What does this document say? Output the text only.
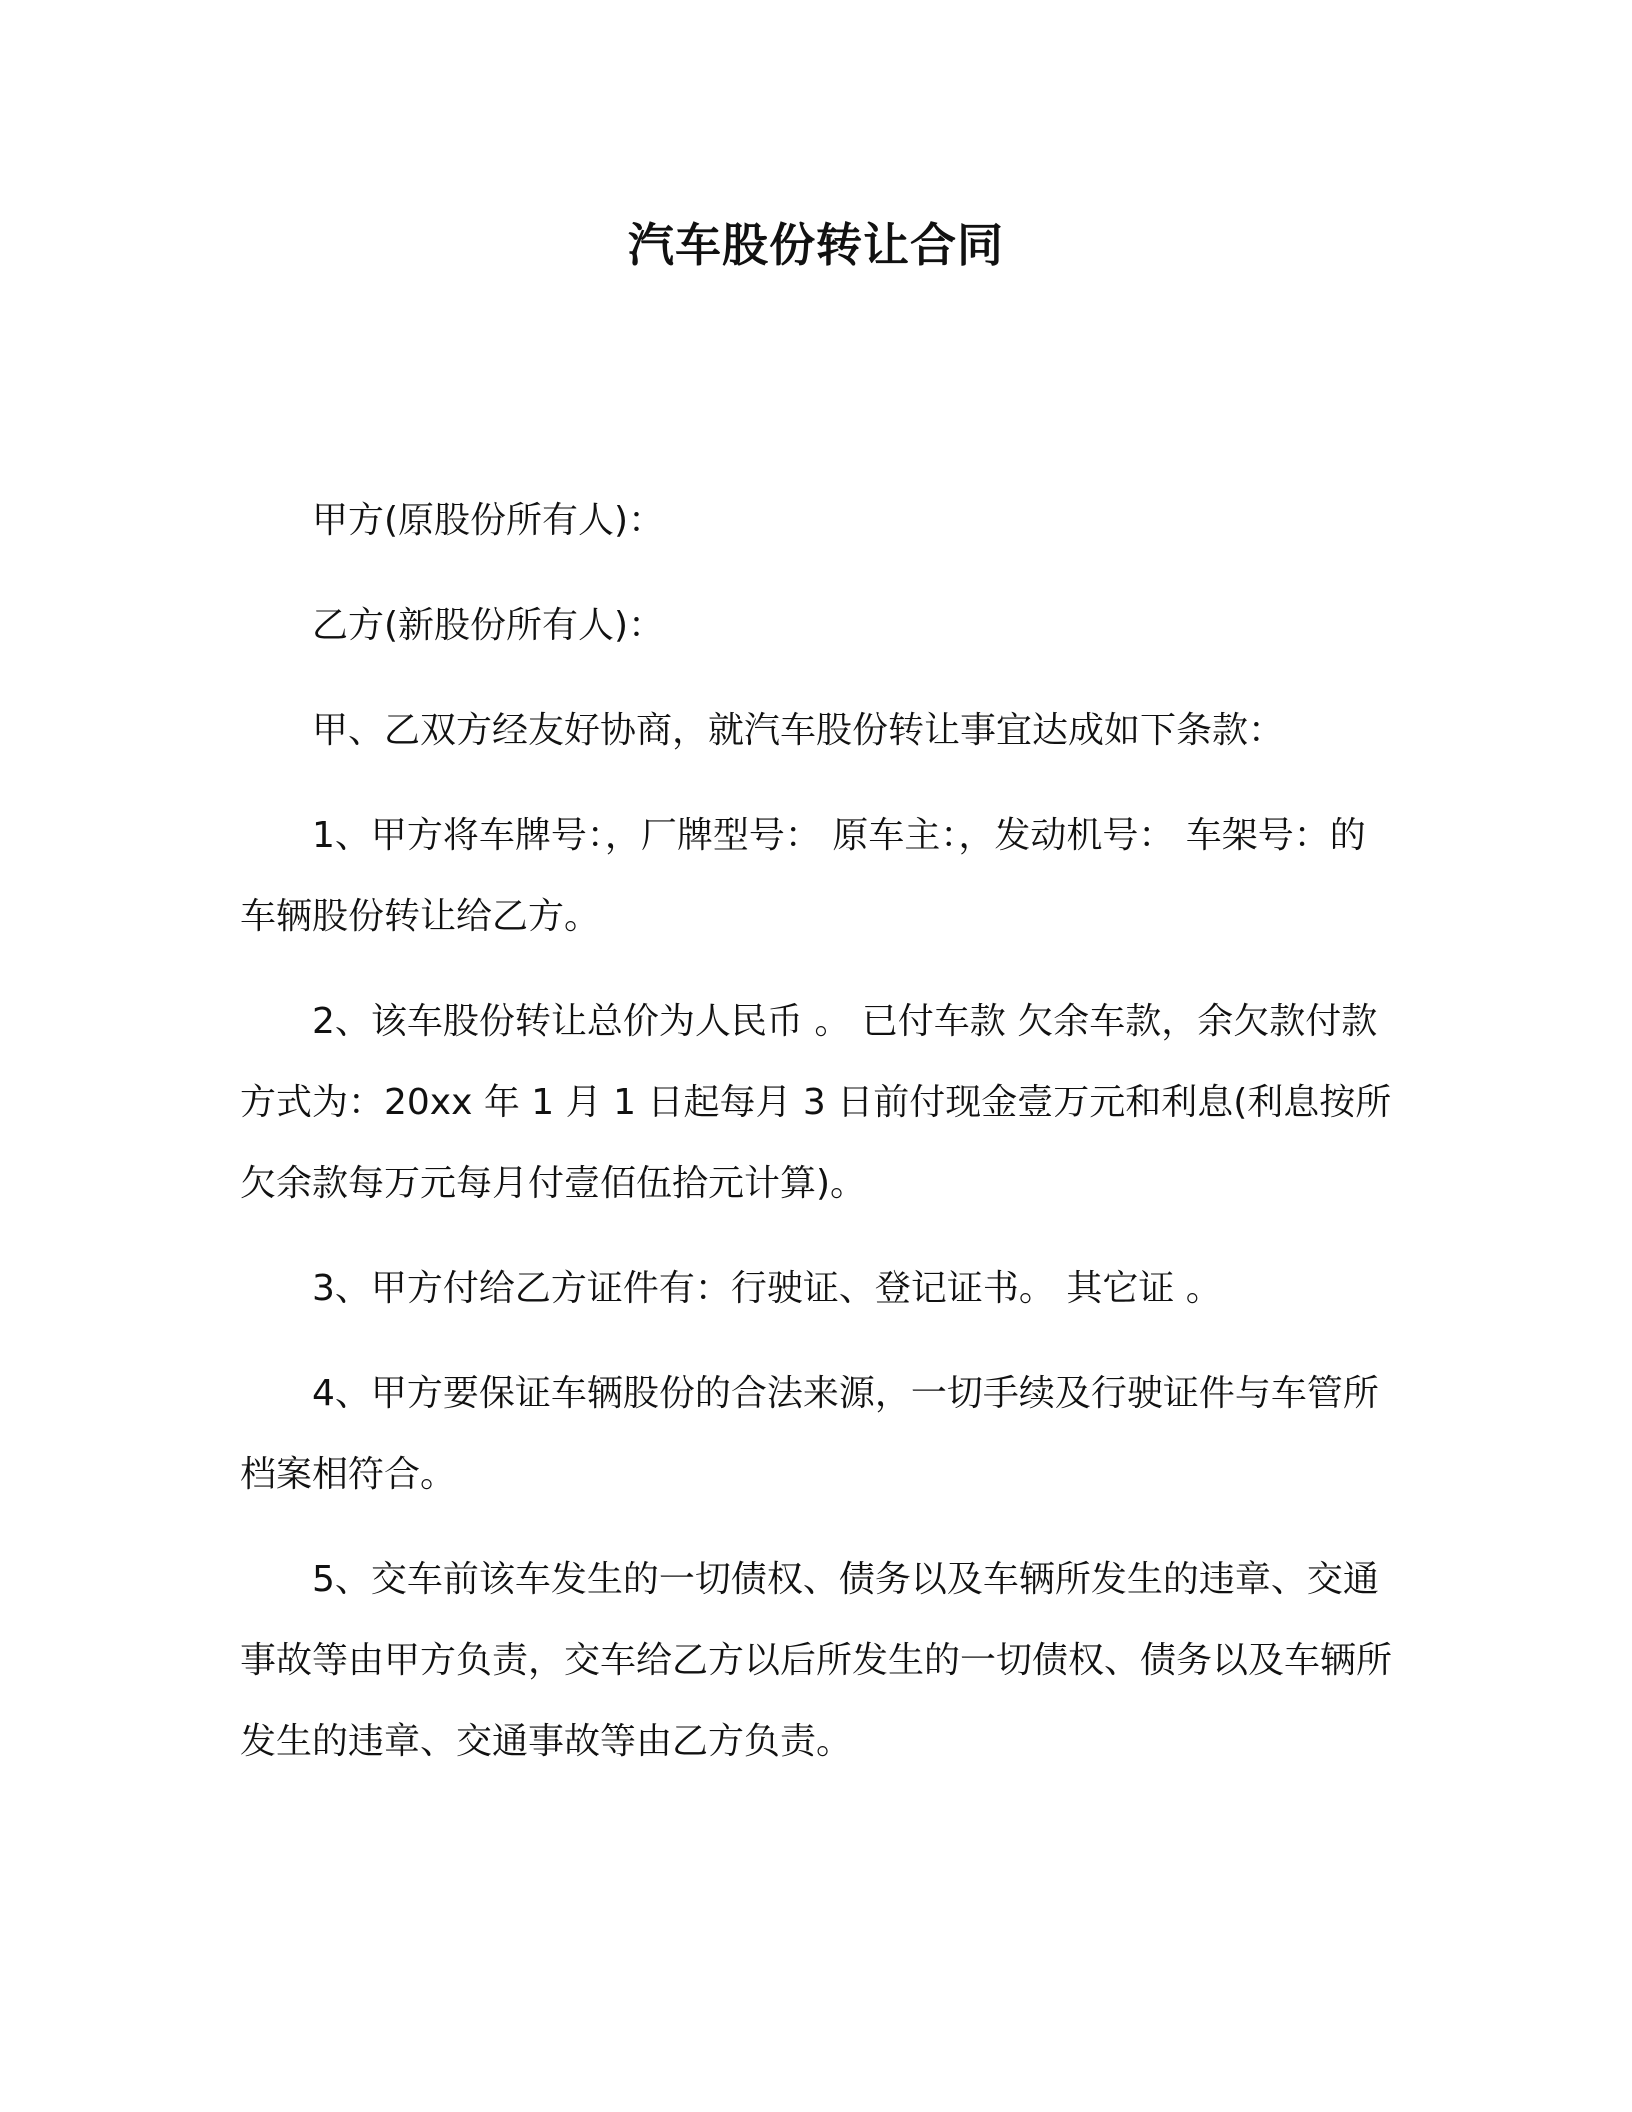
汽车股份转让合同

甲方(原股份所有人)：

乙方(新股份所有人)：

甲、乙双方经友好协商，就汽车股份转让事宜达成如下条款：

1、甲方将车牌号：，厂牌型号： 原车主：，发动机号： 车架号：的车辆股份转让给乙方。

2、该车股份转让总价为人民币 。 已付车款 欠余车款，余欠款付款方式为：20xx 年 1 月 1 日起每月 3 日前付现金壹万元和利息(利息按所欠余款每万元每月付壹佰伍拾元计算)。

3、甲方付给乙方证件有：行驶证、登记证书。 其它证 。

4、甲方要保证车辆股份的合法来源，一切手续及行驶证件与车管所档案相符合。

5、交车前该车发生的一切债权、债务以及车辆所发生的违章、交通事故等由甲方负责，交车给乙方以后所发生的一切债权、债务以及车辆所发生的违章、交通事故等由乙方负责。
